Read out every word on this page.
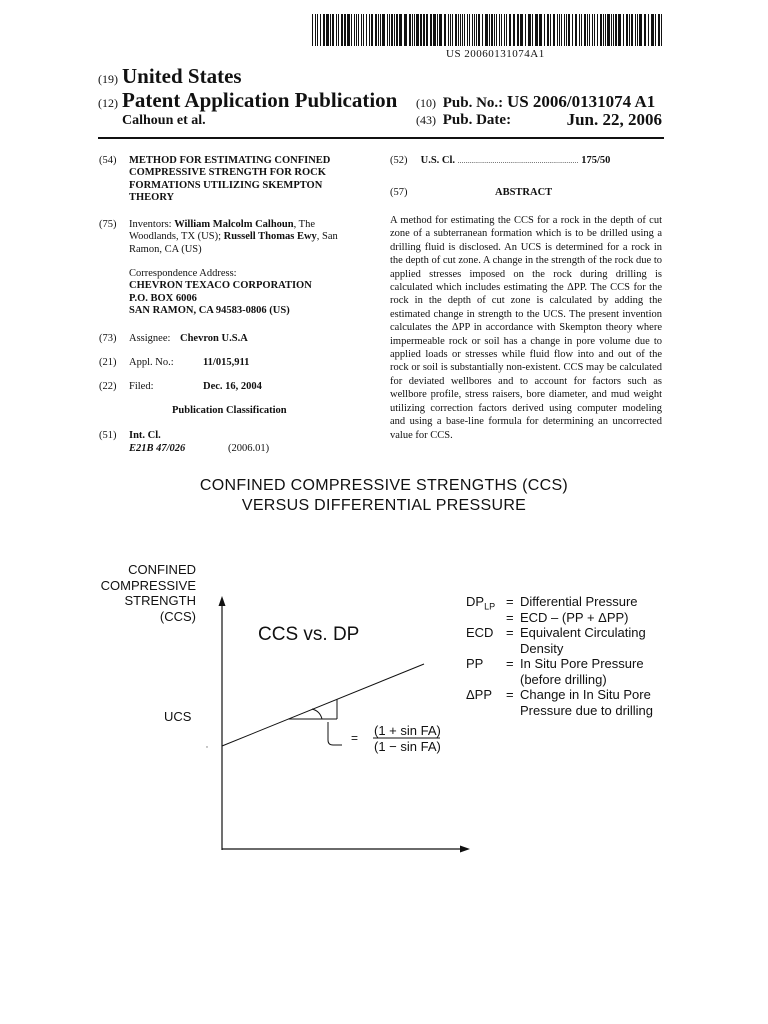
US 20060131074A1
(19) United States
(12) Patent Application Publication
Calhoun et al.
(10) Pub. No.: US 2006/0131074 A1
(43) Pub. Date:	Jun. 22, 2006
(54) METHOD FOR ESTIMATING CONFINED COMPRESSIVE STRENGTH FOR ROCK FORMATIONS UTILIZING SKEMPTON THEORY
(75) Inventors: William Malcolm Calhoun, The Woodlands, TX (US); Russell Thomas Ewy, San Ramon, CA (US)
Correspondence Address:
CHEVRON TEXACO CORPORATION
P.O. BOX 6006
SAN RAMON, CA 94583-0806 (US)
(73) Assignee: Chevron U.S.A
(21) Appl. No.:	11/015,911
(22) Filed:	Dec. 16, 2004
Publication Classification
(51) Int. Cl.
E21B 47/026	(2006.01)
(52) U.S. Cl. .............................................................. 175/50
(57)	ABSTRACT
A method for estimating the CCS for a rock in the depth of cut zone of a subterranean formation which is to be drilled using a drilling fluid is disclosed. An UCS is determined for a rock in the depth of cut zone. A change in the strength of the rock due to applied stresses imposed on the rock during drilling is calculated which includes estimating the ΔPP. The CCS for the rock in the depth of cut zone is calculated by adding the estimated change in strength to the UCS. The present invention calculates the ΔPP in accordance with Skempton theory where impermeable rock or soil has a change in pore volume due to applied loads or stresses while fluid flow into and out of the rock or soil is substantially non-existent. CCS may be calculated for deviated wellbores and to account for factors such as wellbore profile, stress raisers, bore diameter, and mud weight utilizing correction factors derived using computer modeling and using a base-line formula for determining an uncorrected value for CCS.
CONFINED COMPRESSIVE STRENGTHS (CCS)
VERSUS DIFFERENTIAL PRESSURE
CONFINED
COMPRESSIVE
STRENGTH
(CCS)
CCS vs. DP
UCS
= (1 + sin FA)
(1 − sin FA)
$DP_{LP}$ = Differential Pressure
= ECD – (PP + ΔPP)
ECD = Equivalent Circulating
Density
PP = In Situ Pore Pressure
(before drilling)
ΔPP = Change in In Situ Pore
Pressure due to drilling
